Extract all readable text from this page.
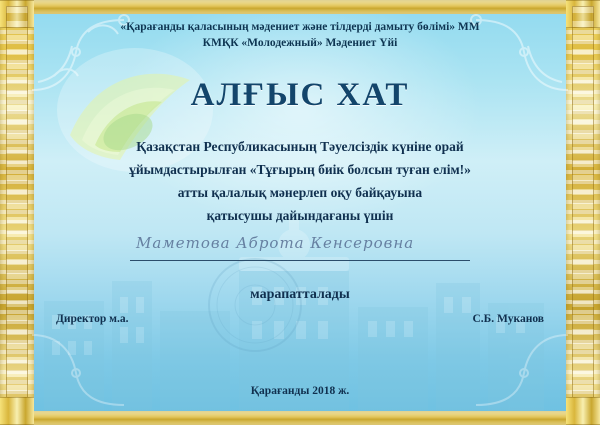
«Қарағанды қаласының мәдениет және тілдерді дамыту бөлімі» ММ
КМҚК «Молодежный» Мәдениет Үйі
АЛҒЫС ХАТ
Қазақстан Республикасының Тәуелсіздік күніне орай
ұйымдастырылған «Тұғырың биік болсын туған елім!»
атты қалалық мәнерлеп оқу байқауына
қатысушы дайындағаны үшін
Маметова Аброта Кенсеровна
марапатталады
Директор м.а.	С.Б. Муканов
Қарағанды 2018 ж.
